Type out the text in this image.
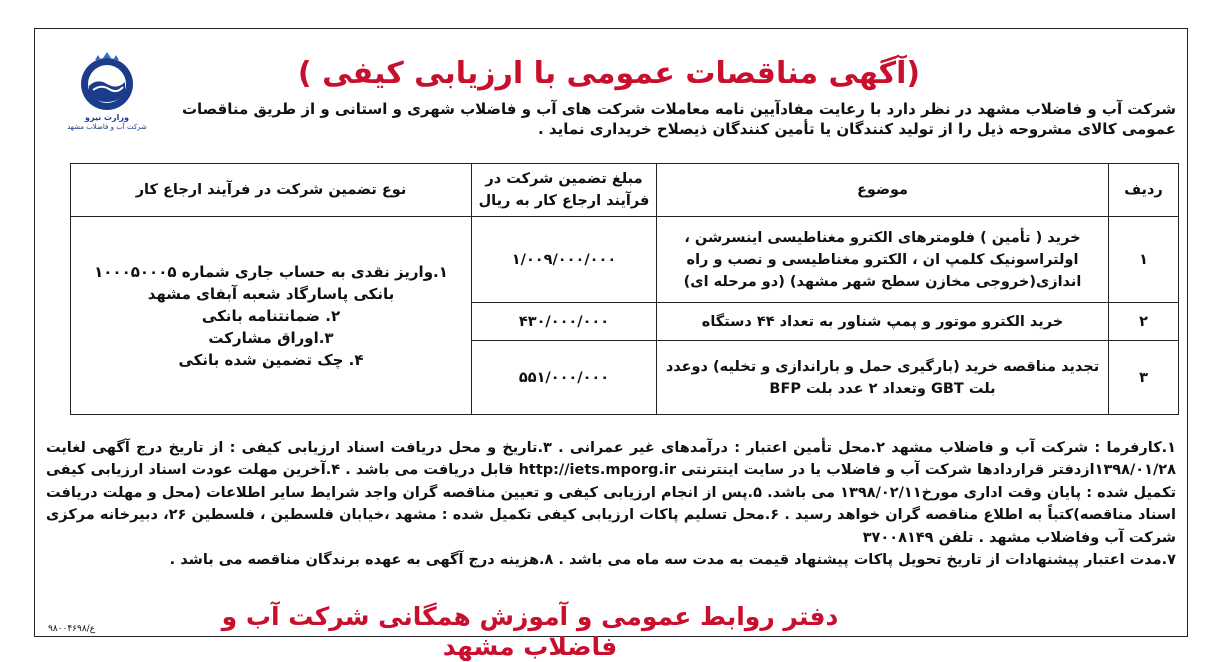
وزارت نیرو
شرکت آب و فاضلاب مشهد
(آگهی مناقصات عمومی با ارزیابی کیفی )

شرکت آب و فاضلاب مشهد در نظر دارد با رعایت مفادآیین نامه معاملات شرکت های آب و فاضلاب شهری و استانی و از طریق مناقصات عمومی کالای مشروحه ذیل را از تولید کنندگان یا تأمین کنندگان ذیصلاح خریداری نماید .

ردیف	موضوع	مبلغ تضمین شرکت در فرآیند ارجاع کار به ریال	نوع تضمین شرکت در فرآیند ارجاع کار
۱	خرید ( تأمین ) فلومترهای الکترو مغناطیسی اینسرشن ، اولتراسونیک کلمپ ان ، الکترو مغناطیسی و نصب و راه اندازی(خروجی مخازن سطح شهر مشهد) (دو مرحله ای)	۱/۰۰۹/۰۰۰/۰۰۰	۱.واریز نقدی به حساب جاری شماره ۱۰۰۰۵۰۰۰۵
بانکی پاسارگاد شعبه آبفای مشهد
۲. ضمانتنامه بانکی
۳.اوراق مشارکت
۴. چک تضمین شده بانکی

۲	خرید الکترو موتور و پمپ شناور به تعداد ۴۴ دستگاه	۴۳۰/۰۰۰/۰۰۰	
۳	تجدید مناقصه خرید (بارگیری حمل و باراندازی و تخلیه) دوعدد بلت GBT وتعداد ۲ عدد بلت BFP	۵۵۱/۰۰۰/۰۰۰	

۱.کارفرما : شرکت آب و فاضلاب مشهد ۲.محل تأمین اعتبار : درآمدهای غیر عمرانی . ۳.تاریخ و محل دریافت اسناد ارزیابی کیفی : از تاریخ درج آگهی لغایت ۱۳۹۸/۰۱/۲۸ازدفتر قراردادها شرکت آب و فاضلاب یا در سایت اینترنتی http://iets.mporg.ir قابل دریافت می باشد . ۴.آخرین مهلت عودت اسناد ارزیابی کیفی تکمیل شده : پایان وقت اداری مورخ۱۳۹۸/۰۲/۱۱ می باشد. ۵.پس از انجام ارزیابی کیفی و تعیین مناقصه گران واجد شرایط سایر اطلاعات (محل و مهلت دریافت اسناد مناقصه)کتباً به اطلاع مناقصه گران خواهد رسید . ۶.محل تسلیم پاکات ارزیابی کیفی تکمیل شده : مشهد ،خیابان فلسطین ، فلسطین ۲۶، دبیرخانه مرکزی شرکت آب وفاضلاب مشهد . تلفن ۳۷۰۰۸۱۴۹

۷.مدت اعتبار پیشنهادات از تاریخ تحویل پاکات پیشنهاد قیمت به مدت سه ماه می باشد . ۸.هزینه درج آگهی به عهده برندگان مناقصه می باشد .

ع/۹۸۰۰۴۶۹۸	دفتر روابط عمومی و آموزش همگانی شرکت آب و فاضلاب مشهد
